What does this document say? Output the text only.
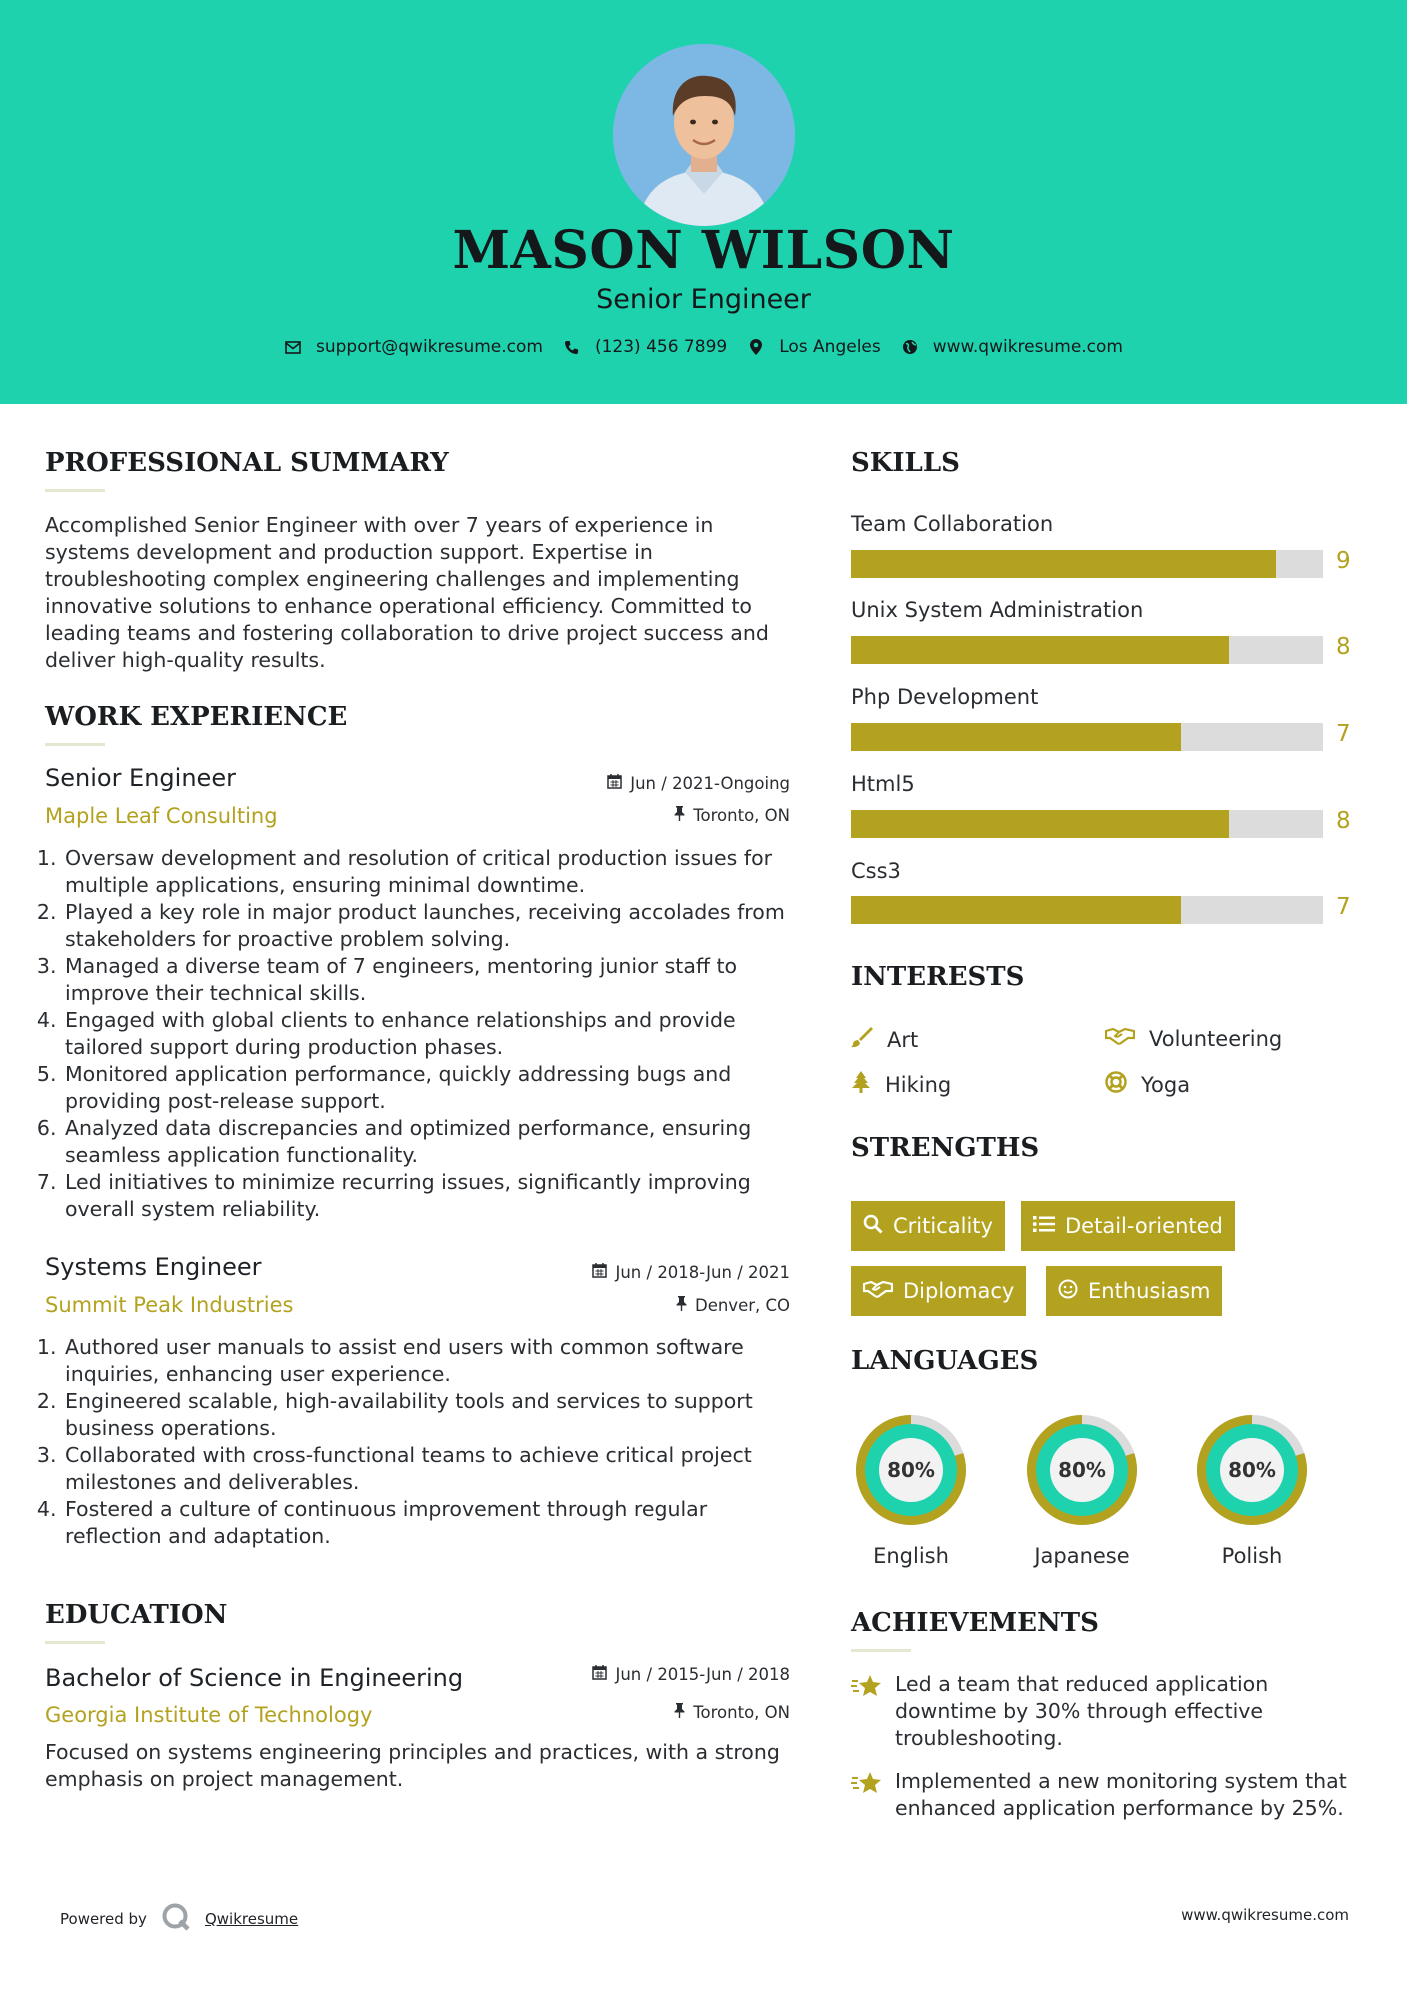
MASON WILSON
Senior Engineer
support@qwikresume.com	(123) 456 7899	Los Angeles	www.qwikresume.com
PROFESSIONAL SUMMARY
Accomplished Senior Engineer with over 7 years of experience in systems development and production support. Expertise in troubleshooting complex engineering challenges and implementing innovative solutions to enhance operational efficiency. Committed to leading teams and fostering collaboration to drive project success and deliver high-quality results.
WORK EXPERIENCE
Senior Engineer	Jun / 2021-Ongoing
Maple Leaf Consulting	Toronto, ON
1. Oversaw development and resolution of critical production issues for multiple applications, ensuring minimal downtime.
2. Played a key role in major product launches, receiving accolades from stakeholders for proactive problem solving.
3. Managed a diverse team of 7 engineers, mentoring junior staff to improve their technical skills.
4. Engaged with global clients to enhance relationships and provide tailored support during production phases.
5. Monitored application performance, quickly addressing bugs and providing post-release support.
6. Analyzed data discrepancies and optimized performance, ensuring seamless application functionality.
7. Led initiatives to minimize recurring issues, significantly improving overall system reliability.
Systems Engineer	Jun / 2018-Jun / 2021
Summit Peak Industries	Denver, CO
1. Authored user manuals to assist end users with common software inquiries, enhancing user experience.
2. Engineered scalable, high-availability tools and services to support business operations.
3. Collaborated with cross-functional teams to achieve critical project milestones and deliverables.
4. Fostered a culture of continuous improvement through regular reflection and adaptation.
EDUCATION
Bachelor of Science in Engineering	Jun / 2015-Jun / 2018
Georgia Institute of Technology	Toronto, ON
Focused on systems engineering principles and practices, with a strong emphasis on project management.
SKILLS
Team Collaboration
9
Unix System Administration
8
Php Development
7
Html5
8
Css3
7
INTERESTS
Art	Volunteering
Hiking	Yoga
STRENGTHS
Criticality	Detail-oriented
Diplomacy	Enthusiasm
LANGUAGES
80%
English
80%
Japanese
80%
Polish
ACHIEVEMENTS
Led a team that reduced application downtime by 30% through effective troubleshooting.
Implemented a new monitoring system that enhanced application performance by 25%.
Powered by	Qwikresume	www.qwikresume.com
